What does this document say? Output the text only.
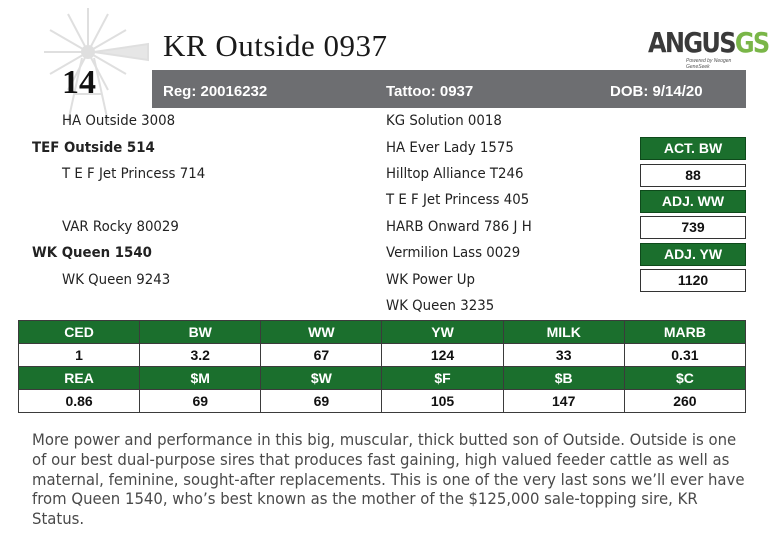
14
KR Outside 0937	ANGUSGS
Powered by Neogen GeneSeek
Reg: 20016232	Tattoo: 0937	DOB: 9/14/20
HA Outside 3008
TEF Outside 514
T E F Jet Princess 714
VAR Rocky 80029
WK Queen 1540
WK Queen 9243
KG Solution 0018
HA Ever Lady 1575
Hilltop Alliance T246
T E F Jet Princess 405
HARB Onward 786 J H
Vermilion Lass 0029
WK Power Up
WK Queen 3235
ACT. BW
88
ADJ. WW
739
ADJ. YW
1120
CED	BW	WW	YW	MILK	MARB
1	3.2	67	124	33	0.31
REA	$M	$W	$F	$B	$C
0.86	69	69	105	147	260
More power and performance in this big, muscular, thick butted son of Outside. Outside is one of our best dual-purpose sires that produces fast gaining, high valued feeder cattle as well as maternal, feminine, sought-after replacements. This is one of the very last sons we’ll ever have from Queen 1540, who’s best known as the mother of the $125,000 sale-topping sire, KR Status.
